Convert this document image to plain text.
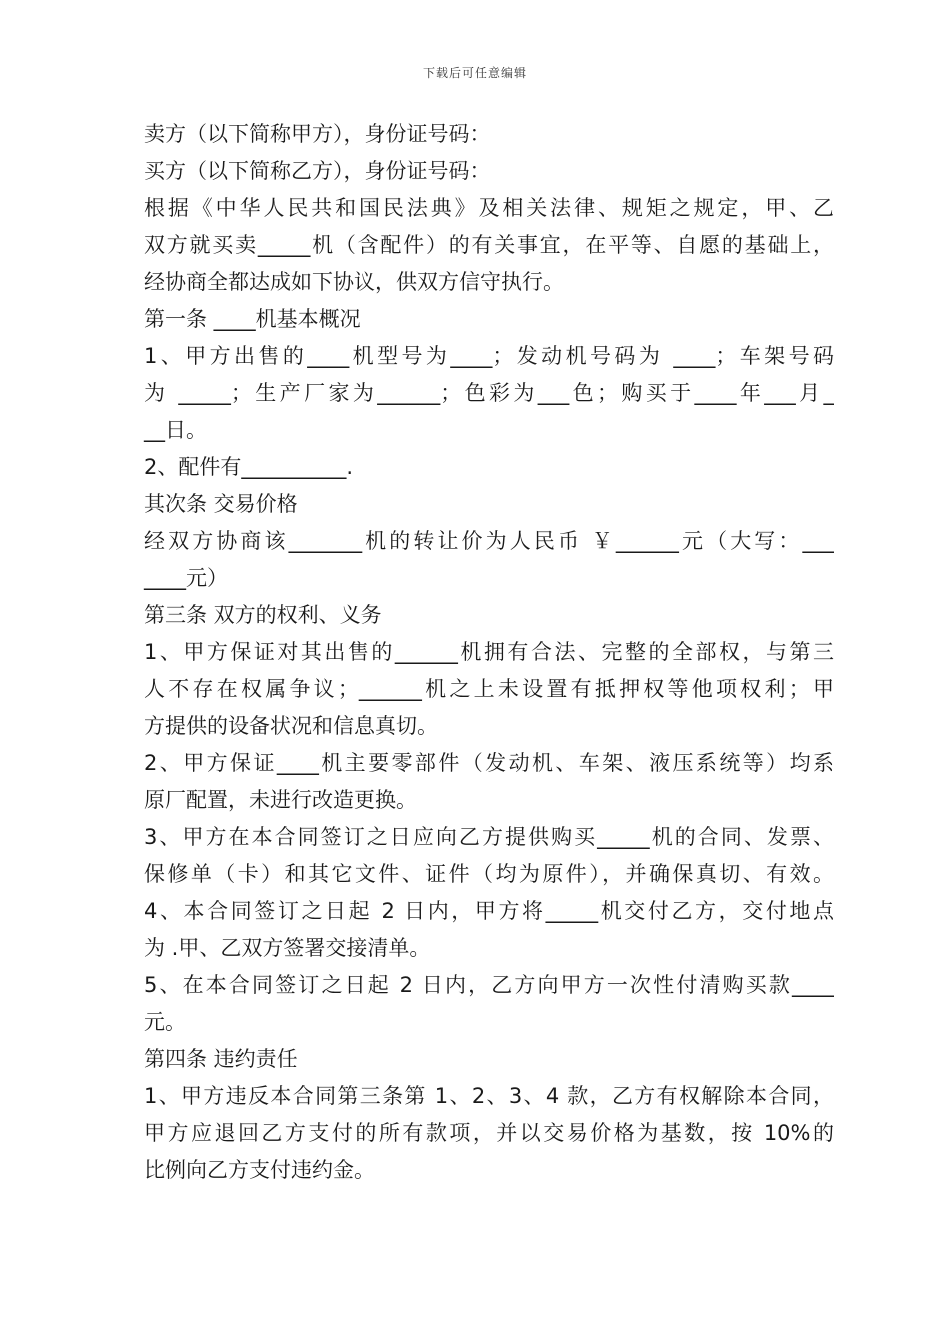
下载后可任意编辑
卖方（以下简称甲方），身份证号码：
买方（以下简称乙方），身份证号码：
根据《中华人民共和国民法典》及相关法律、规矩之规定，甲、乙
双方就买卖_____机（含配件）的有关事宜，在平等、自愿的基础上，
经协商全都达成如下协议，供双方信守执行。
第一条 ____机基本概况
1、甲方出售的____机型号为____；发动机号码为 ____；车架号码
为 _____；生产厂家为______；色彩为___色；购买于____年___月_
__日。
2、配件有__________.
其次条 交易价格
经双方协商该_______机的转让价为人民币 ￥______元（大写：___
____元）
第三条 双方的权利、义务
1、甲方保证对其出售的______机拥有合法、完整的全部权，与第三
人不存在权属争议；______机之上未设置有抵押权等他项权利；甲
方提供的设备状况和信息真切。
2、甲方保证____机主要零部件（发动机、车架、液压系统等）均系
原厂配置，未进行改造更换。
3、甲方在本合同签订之日应向乙方提供购买_____机的合同、发票、
保修单（卡）和其它文件、证件（均为原件），并确保真切、有效。
4、本合同签订之日起 2 日内，甲方将_____机交付乙方，交付地点
为 .甲、乙双方签署交接清单。
5、在本合同签订之日起 2 日内，乙方向甲方一次性付清购买款____
元。
第四条 违约责任
1、甲方违反本合同第三条第 1、2、3、4 款，乙方有权解除本合同，
甲方应退回乙方支付的所有款项，并以交易价格为基数，按 10%的
比例向乙方支付违约金。
